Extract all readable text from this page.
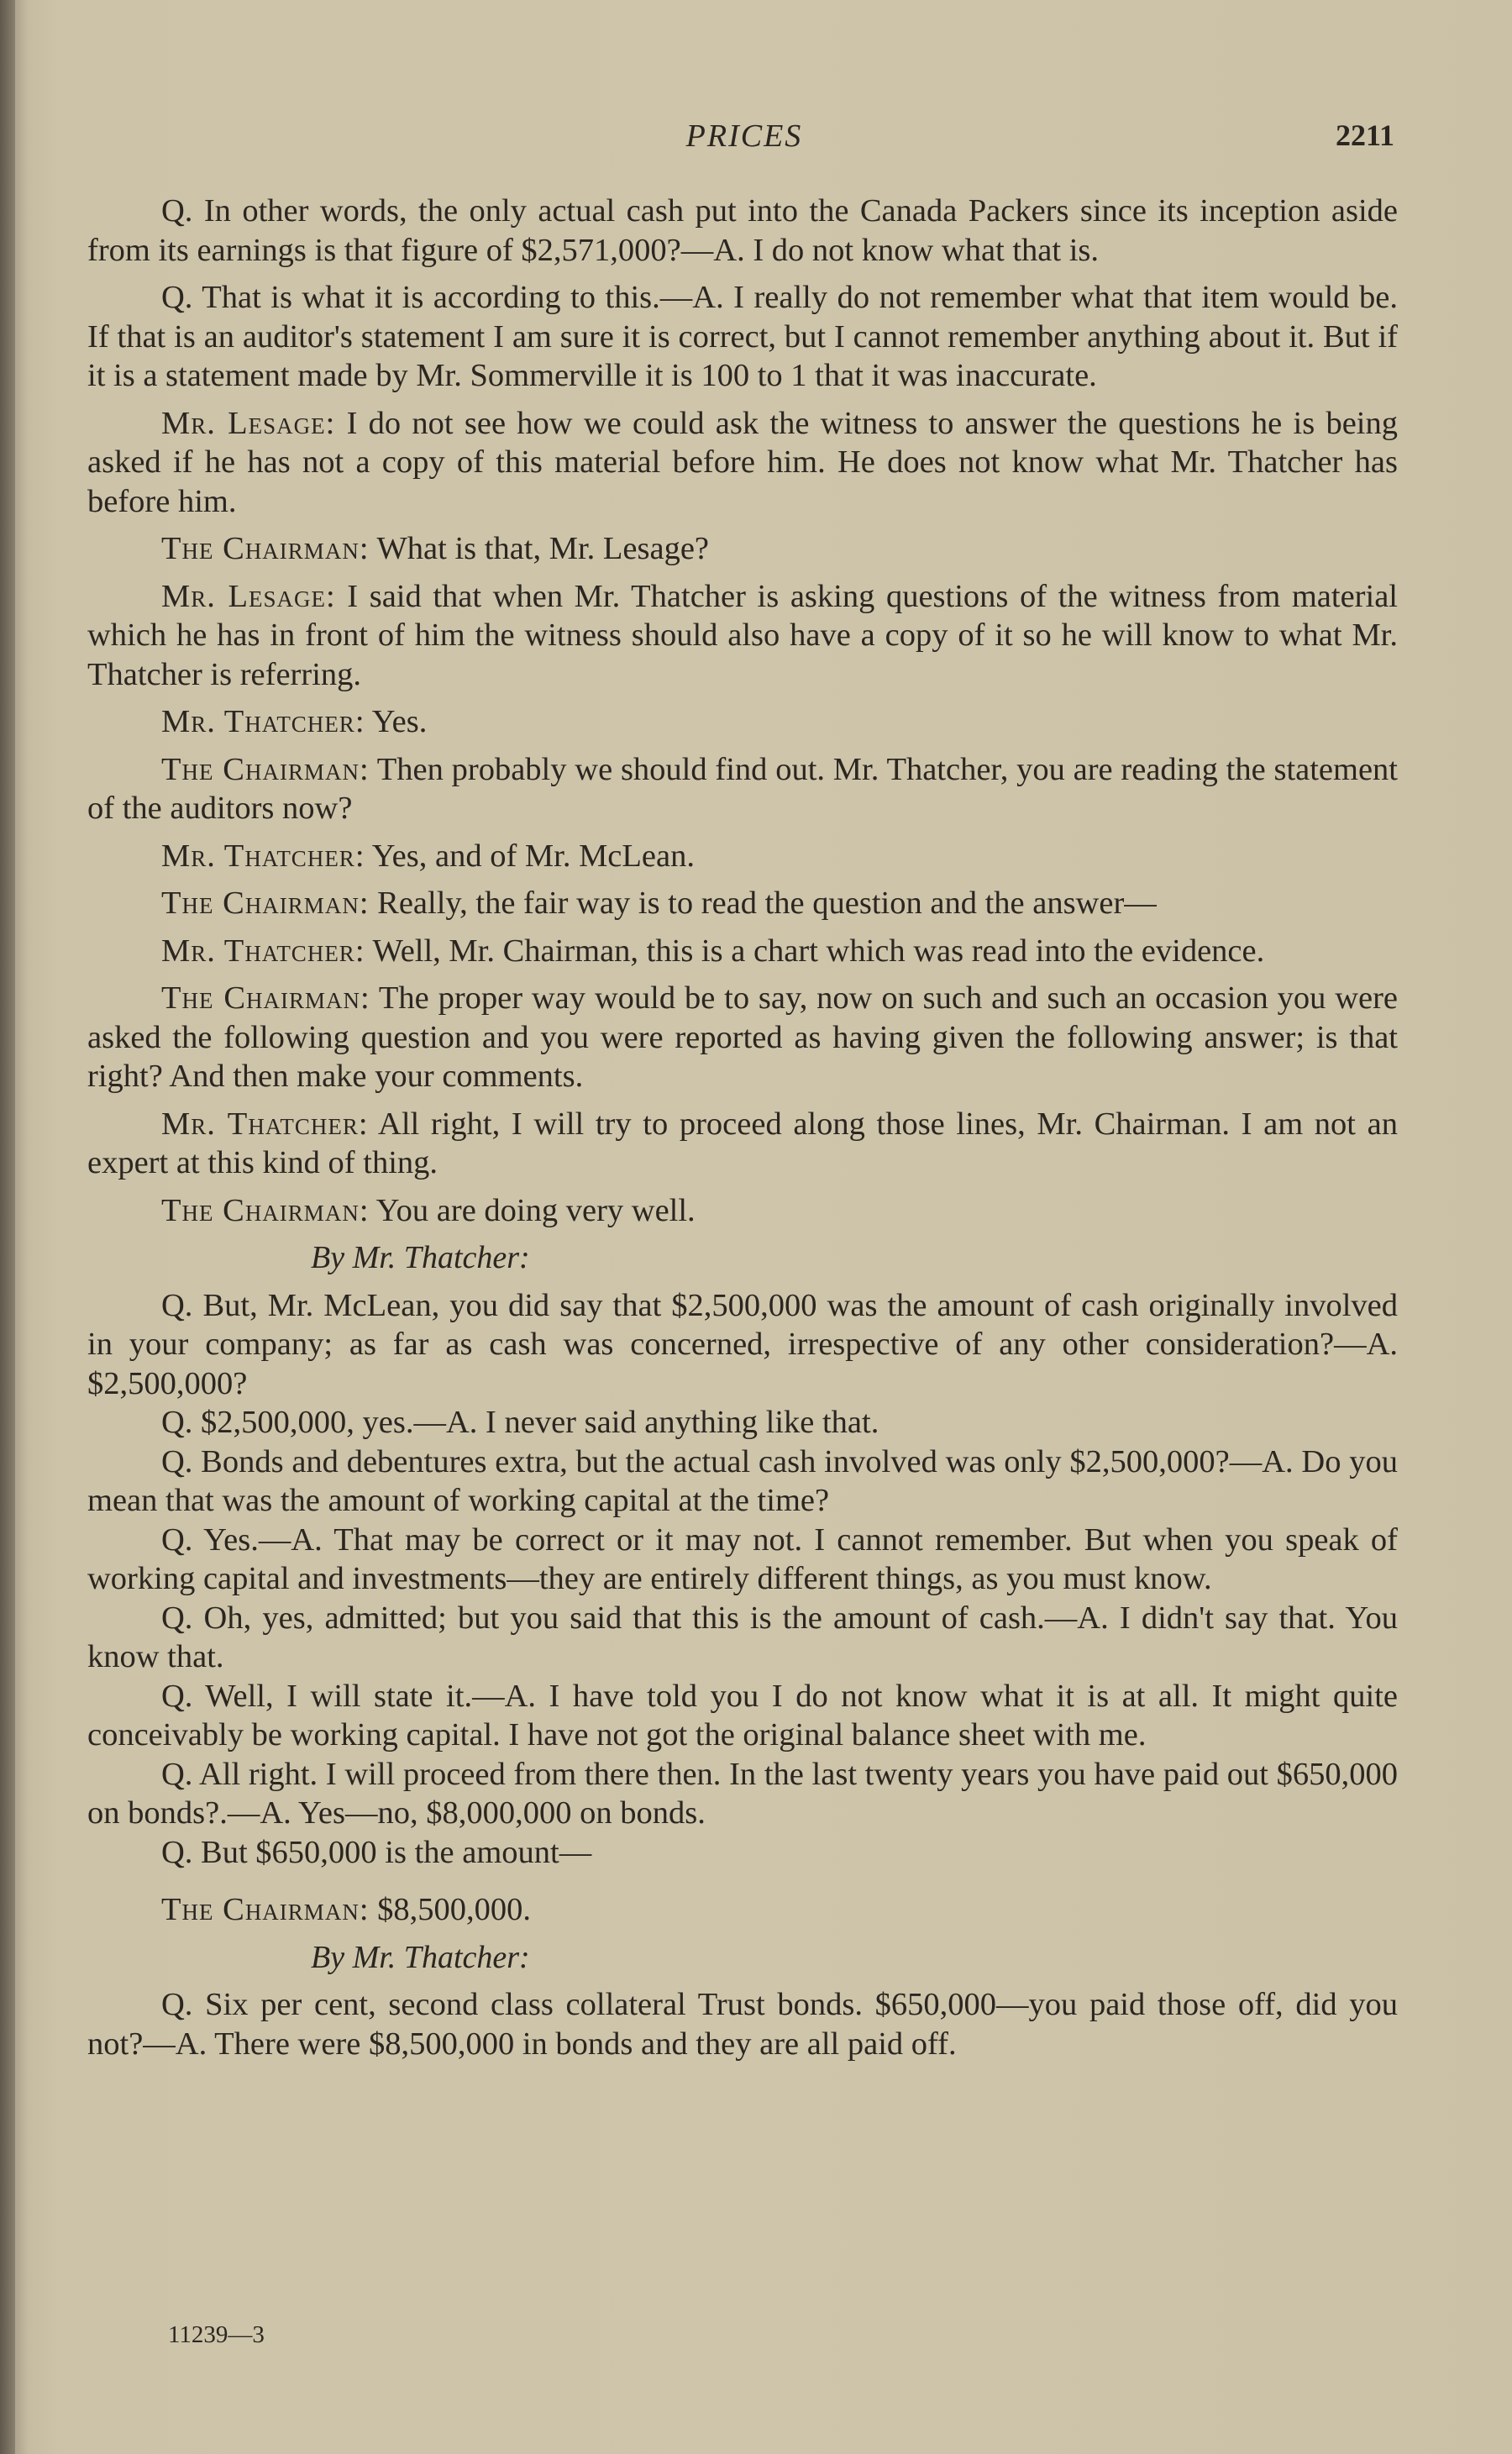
PRICES	2211

Q. In other words, the only actual cash put into the Canada Packers since its inception aside from its earnings is that figure of $2,571,000?—A. I do not know what that is.

Q. That is what it is according to this.—A. I really do not remember what that item would be. If that is an auditor's statement I am sure it is correct, but I cannot remember anything about it. But if it is a statement made by Mr. Sommerville it is 100 to 1 that it was inaccurate.

Mr. Lesage: I do not see how we could ask the witness to answer the questions he is being asked if he has not a copy of this material before him. He does not know what Mr. Thatcher has before him.

The Chairman: What is that, Mr. Lesage?

Mr. Lesage: I said that when Mr. Thatcher is asking questions of the witness from material which he has in front of him the witness should also have a copy of it so he will know to what Mr. Thatcher is referring.

Mr. Thatcher: Yes.

The Chairman: Then probably we should find out. Mr. Thatcher, you are reading the statement of the auditors now?

Mr. Thatcher: Yes, and of Mr. McLean.

The Chairman: Really, the fair way is to read the question and the answer—

Mr. Thatcher: Well, Mr. Chairman, this is a chart which was read into the evidence.

The Chairman: The proper way would be to say, now on such and such an occasion you were asked the following question and you were reported as having given the following answer; is that right? And then make your comments.

Mr. Thatcher: All right, I will try to proceed along those lines, Mr. Chairman. I am not an expert at this kind of thing.

The Chairman: You are doing very well.

By Mr. Thatcher:

Q. But, Mr. McLean, you did say that $2,500,000 was the amount of cash originally involved in your company; as far as cash was concerned, irrespective of any other consideration?—A. $2,500,000?

Q. $2,500,000, yes.—A. I never said anything like that.

Q. Bonds and debentures extra, but the actual cash involved was only $2,500,000?—A. Do you mean that was the amount of working capital at the time?

Q. Yes.—A. That may be correct or it may not. I cannot remember. But when you speak of working capital and investments—they are entirely different things, as you must know.

Q. Oh, yes, admitted; but you said that this is the amount of cash.—A. I didn't say that. You know that.

Q. Well, I will state it.—A. I have told you I do not know what it is at all. It might quite conceivably be working capital. I have not got the original balance sheet with me.

Q. All right. I will proceed from there then. In the last twenty years you have paid out $650,000 on bonds?.—A. Yes—no, $8,000,000 on bonds.

Q. But $650,000 is the amount—

The Chairman: $8,500,000.

By Mr. Thatcher:

Q. Six per cent, second class collateral Trust bonds. $650,000—you paid those off, did you not?—A. There were $8,500,000 in bonds and they are all paid off.

11239—3
